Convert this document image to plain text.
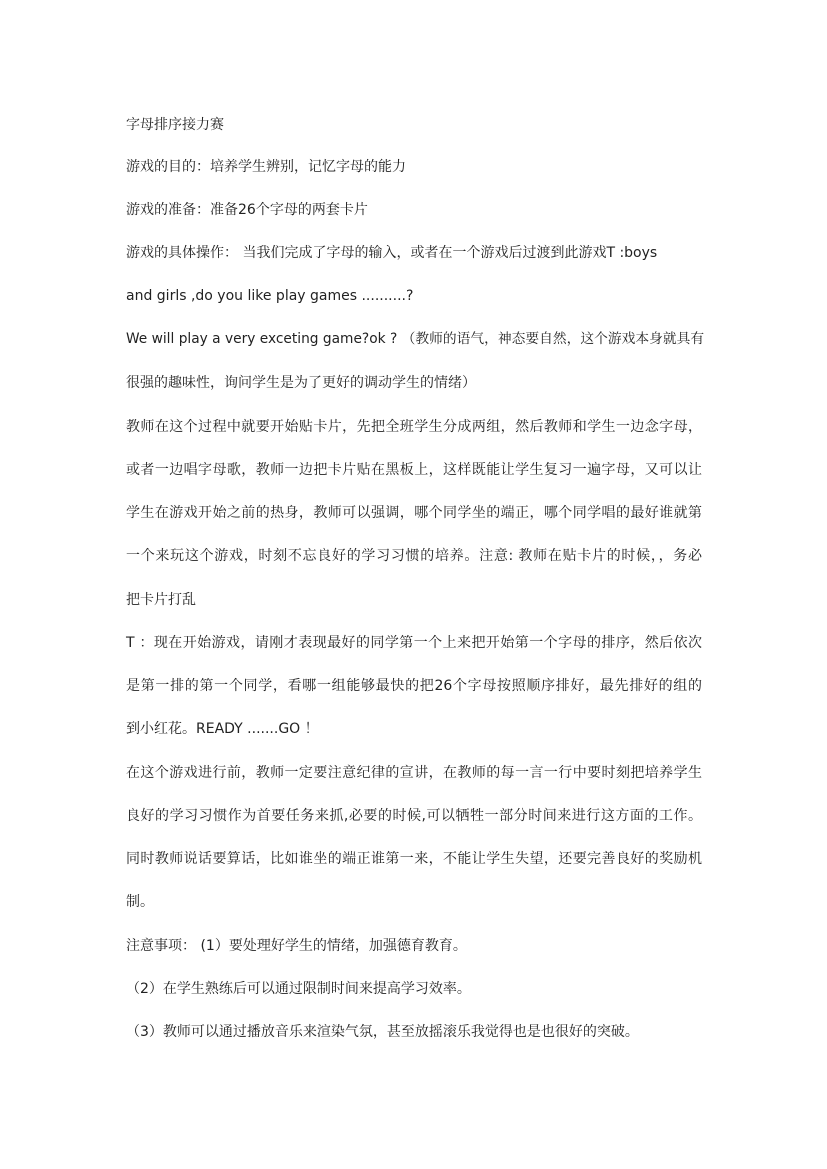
字母排序接力赛
游戏的目的：培养学生辨别，记忆字母的能力
游戏的准备：准备26个字母的两套卡片
游戏的具体操作： 当我们完成了字母的输入，或者在一个游戏后过渡到此游戏T :boys
and girls ,do you like play games ..........?
We will play a very exceting game?ok ? （教师的语气，神态要自然，这个游戏本身就具有
很强的趣味性，询问学生是为了更好的调动学生的情绪）
教师在这个过程中就要开始贴卡片，先把全班学生分成两组，然后教师和学生一边念字母，
或者一边唱字母歌，教师一边把卡片贴在黑板上，这样既能让学生复习一遍字母，又可以让
学生在游戏开始之前的热身，教师可以强调，哪个同学坐的端正，哪个同学唱的最好谁就第
一个来玩这个游戏，时刻不忘良好的学习习惯的培养。注意: 教师在贴卡片的时候，，务必
把卡片打乱
T ：现在开始游戏，请刚才表现最好的同学第一个上来把开始第一个字母的排序，然后依次
是第一排的第一个同学，看哪一组能够最快的把26个字母按照顺序排好，最先排好的组的
到小红花。READY .......GO ！
在这个游戏进行前，教师一定要注意纪律的宣讲，在教师的每一言一行中要时刻把培养学生
良好的学习习惯作为首要任务来抓,必要的时候,可以牺牲一部分时间来进行这方面的工作。
同时教师说话要算话，比如谁坐的端正谁第一来，不能让学生失望，还要完善良好的奖励机
制。
注意事项： (1）要处理好学生的情绪，加强德育教育。
（2）在学生熟练后可以通过限制时间来提高学习效率。
（3）教师可以通过播放音乐来渲染气氛，甚至放摇滚乐我觉得也是也很好的突破。
